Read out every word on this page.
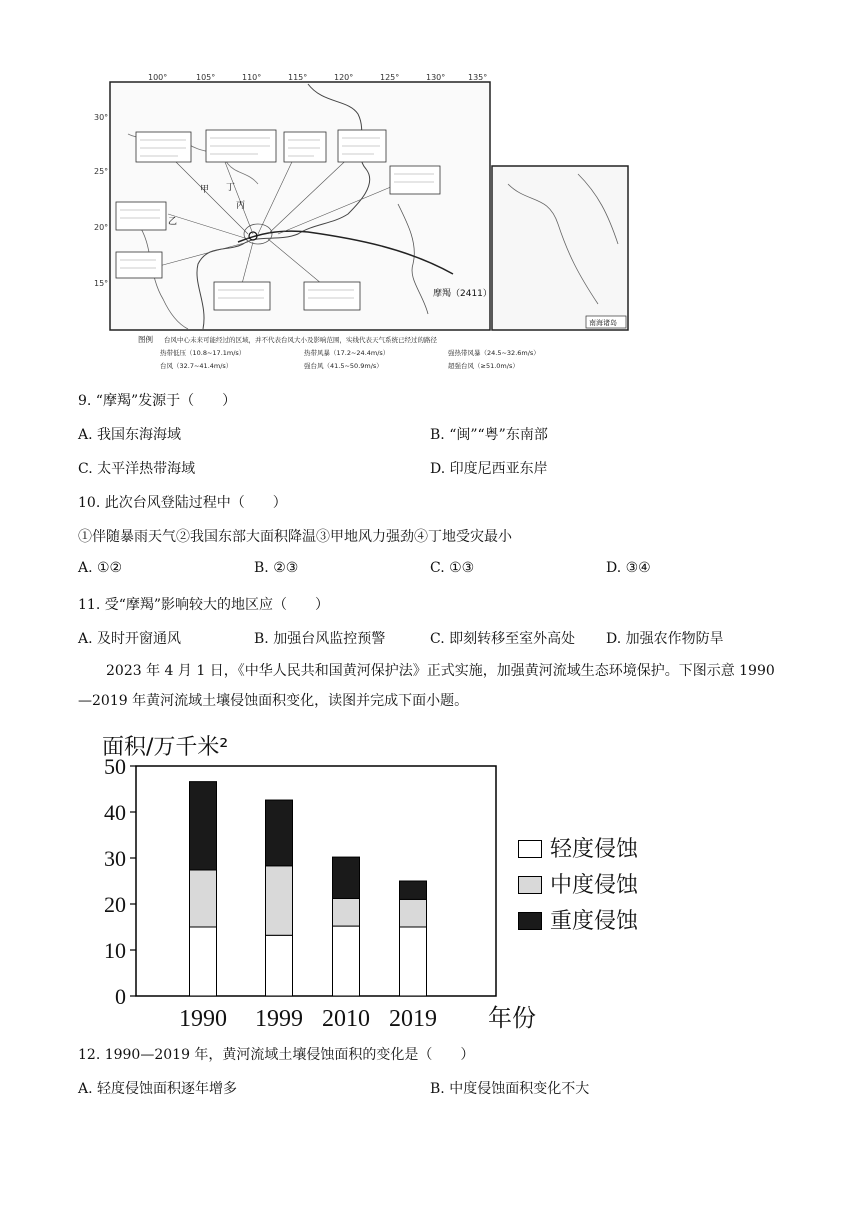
100°	105°	110°	115°	120°	125°	130°	135°
30°
25°
20°
15°
甲
乙
丙
丁
摩羯（2411）
南海诸岛
图例 台风中心未来可能经过的区域，并不代表台风大小及影响范围，实线代表天气系统已经过的路径
热带低压（10.8~17.1m/s）	热带风暴（17.2~24.4m/s）	强热带风暴（24.5~32.6m/s）
台风（32.7~41.4m/s）	强台风（41.5~50.9m/s）	超强台风（≥51.0m/s）
9. “摩羯”发源于（　　）
A. 我国东海海域	B. “闽”“粤”东南部
C. 太平洋热带海域	D. 印度尼西亚东岸
10. 此次台风登陆过程中（　　）
①伴随暴雨天气②我国东部大面积降温③甲地风力强劲④丁地受灾最小
A. ①②	B. ②③	C. ①③	D. ③④
11. 受“摩羯”影响较大的地区应（　　）
A. 及时开窗通风	B. 加强台风监控预警	C. 即刻转移至室外高处 D. 加强农作物防旱
2023 年 4 月 1 日，《中华人民共和国黄河保护法》正式实施，加强黄河流域生态环境保护。下图示意 1990—2019 年黄河流域土壤侵蚀面积变化，读图并完成下面小题。
面积/万千米²
0
10
20
30
40
50
1990 1999 2010 2019 年份
轻度侵蚀
中度侵蚀
重度侵蚀
12. 1990—2019 年，黄河流域土壤侵蚀面积的变化是（　　）
A. 轻度侵蚀面积逐年增多	B. 中度侵蚀面积变化不大
